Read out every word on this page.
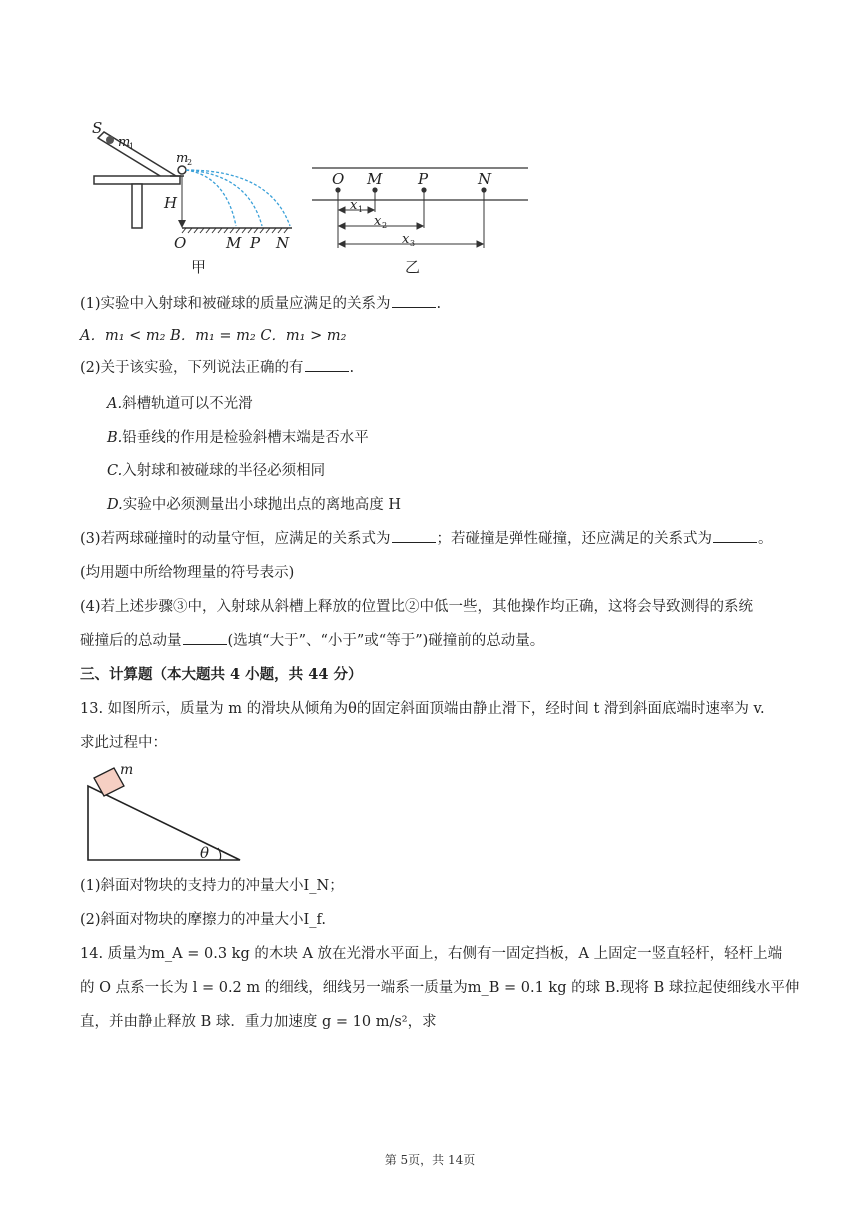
S
m
1
m
2
H
O	M P N
甲
O M P	N
x 1
x 2
x 3
乙
(1)实验中入射球和被碰球的质量应满足的关系为	.
A．m₁ < m₂ B．m₁ = m₂ C．m₁ > m₂
(2)关于该实验，下列说法正确的有	.
A.斜槽轨道可以不光滑
B.铅垂线的作用是检验斜槽末端是否水平
C.入射球和被碰球的半径必须相同
D.实验中必须测量出小球抛出点的离地高度 H
(3)若两球碰撞时的动量守恒，应满足的关系式为	；若碰撞是弹性碰撞，还应满足的关系式为	。
(均用题中所给物理量的符号表示)
(4)若上述步骤③中，入射球从斜槽上释放的位置比②中低一些，其他操作均正确，这将会导致测得的系统
碰撞后的总动量	(选填“大于”、“小于”或“等于”)碰撞前的总动量。
三、计算题（本大题共 4 小题，共 44 分）
13. 如图所示，质量为 m 的滑块从倾角为θ的固定斜面顶端由静止滑下，经时间 t 滑到斜面底端时速率为 v.
求此过程中：
m
θ
(1)斜面对物块的支持力的冲量大小I_N；
(2)斜面对物块的摩擦力的冲量大小I_f.
14. 质量为m_A = 0.3 kg 的木块 A 放在光滑水平面上，右侧有一固定挡板，A 上固定一竖直轻杆，轻杆上端
的 O 点系一长为 l = 0.2 m 的细线，细线另一端系一质量为m_B = 0.1 kg 的球 B.现将 B 球拉起使细线水平伸
直，并由静止释放 B 球．重力加速度 g = 10 m/s²，求
第 5页，共 14页
